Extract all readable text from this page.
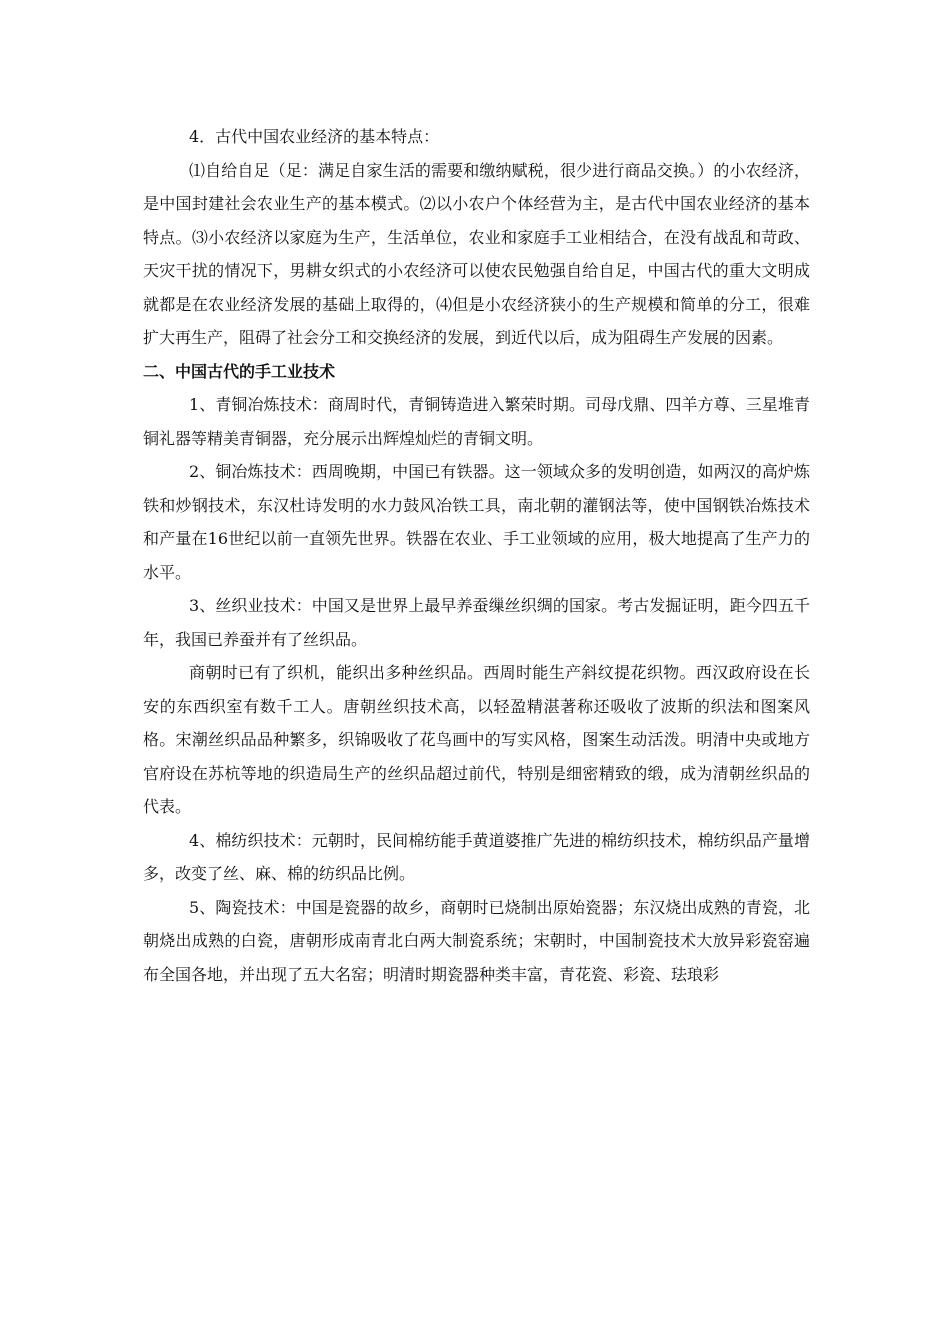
4．古代中国农业经济的基本特点：

⑴自给自足（足：满足自家生活的需要和缴纳赋税，很少进行商品交换。）的小农经济，是中国封建社会农业生产的基本模式。⑵以小农户个体经营为主，是古代中国农业经济的基本特点。⑶小农经济以家庭为生产，生活单位，农业和家庭手工业相结合，在没有战乱和苛政、天灾干扰的情况下，男耕女织式的小农经济可以使农民勉强自给自足，中国古代的重大文明成就都是在农业经济发展的基础上取得的，⑷但是小农经济狭小的生产规模和简单的分工，很难扩大再生产，阻碍了社会分工和交换经济的发展，到近代以后，成为阻碍生产发展的因素。

二、中国古代的手工业技术

1、青铜冶炼技术：商周时代，青铜铸造进入繁荣时期。司母戊鼎、四羊方尊、三星堆青铜礼器等精美青铜器，充分展示出辉煌灿烂的青铜文明。

2、铜冶炼技术：西周晚期，中国已有铁器。这一领域众多的发明创造，如两汉的高炉炼铁和炒钢技术，东汉杜诗发明的水力鼓风冶铁工具，南北朝的灌钢法等，使中国钢铁冶炼技术和产量在16世纪以前一直领先世界。铁器在农业、手工业领域的应用，极大地提高了生产力的水平。

3、丝织业技术：中国又是世界上最早养蚕缫丝织绸的国家。考古发掘证明，距今四五千年，我国已养蚕并有了丝织品。

商朝时已有了织机，能织出多种丝织品。西周时能生产斜纹提花织物。西汉政府设在长安的东西织室有数千工人。唐朝丝织技术高，以轻盈精湛著称还吸收了波斯的织法和图案风格。宋潮丝织品品种繁多，织锦吸收了花鸟画中的写实风格，图案生动活泼。明清中央或地方官府设在苏杭等地的织造局生产的丝织品超过前代，特别是细密精致的缎，成为清朝丝织品的代表。

4、棉纺织技术：元朝时，民间棉纺能手黄道婆推广先进的棉纺织技术，棉纺织品产量增多，改变了丝、麻、棉的纺织品比例。

5、陶瓷技术：中国是瓷器的故乡，商朝时已烧制出原始瓷器；东汉烧出成熟的青瓷，北朝烧出成熟的白瓷，唐朝形成南青北白两大制瓷系统；宋朝时，中国制瓷技术大放异彩瓷窑遍布全国各地，并出现了五大名窑；明清时期瓷器种类丰富，青花瓷、彩瓷、珐琅彩
